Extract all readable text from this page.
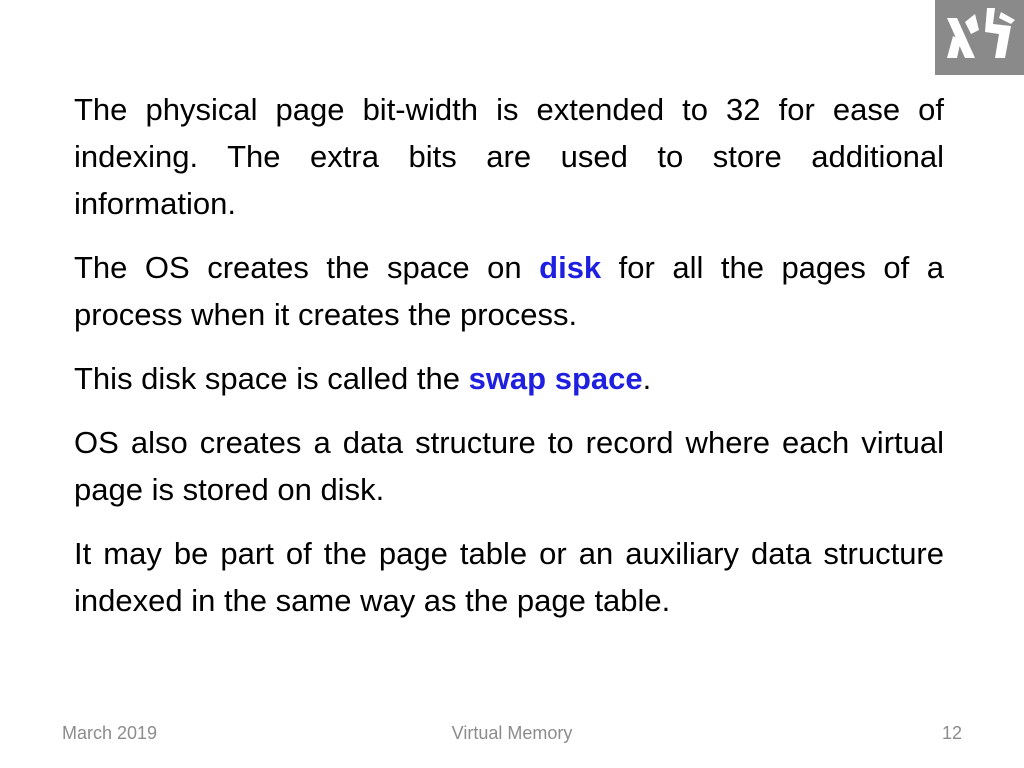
The physical page bit-width is extended to 32 for ease of indexing. The extra bits are used to store additional information.

The OS creates the space on disk for all the pages of a process when it creates the process.

This disk space is called the swap space.

OS also creates a data structure to record where each virtual page is stored on disk.

It may be part of the page table or an auxiliary data structure indexed in the same way as the page table.

March 2019	Virtual Memory	12
